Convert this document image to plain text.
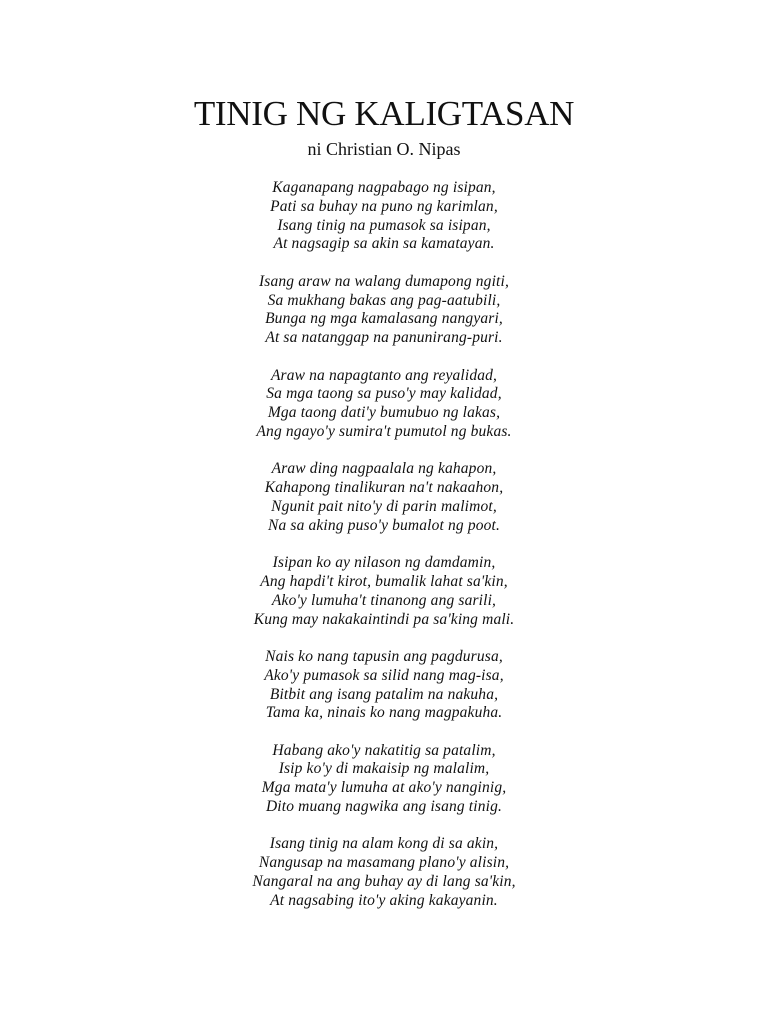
TINIG NG KALIGTASAN
ni Christian O. Nipas
Kaganapang nagpabago ng isipan,
Pati sa buhay na puno ng karimlan,
Isang tinig na pumasok sa isipan,
At nagsagip sa akin sa kamatayan.
Isang araw na walang dumapong ngiti,
Sa mukhang bakas ang pag-aatubili,
Bunga ng mga kamalasang nangyari,
At sa natanggap na panunirang-puri.
Araw na napagtanto ang reyalidad,
Sa mga taong sa puso'y may kalidad,
Mga taong dati'y bumubuo ng lakas,
Ang ngayo'y sumira't pumutol ng bukas.
Araw ding nagpaalala ng kahapon,
Kahapong tinalikuran na't nakaahon,
Ngunit pait nito'y di parin malimot,
Na sa aking puso'y bumalot ng poot.
Isipan ko ay nilason ng damdamin,
Ang hapdi't kirot, bumalik lahat sa'kin,
Ako'y lumuha't tinanong ang sarili,
Kung may nakakaintindi pa sa'king mali.
Nais ko nang tapusin ang pagdurusa,
Ako'y pumasok sa silid nang mag-isa,
Bitbit ang isang patalim na nakuha,
Tama ka, ninais ko nang magpakuha.
Habang ako'y nakatitig sa patalim,
Isip ko'y di makaisip ng malalim,
Mga mata'y lumuha at ako'y nanginig,
Dito muang nagwika ang isang tinig.
Isang tinig na alam kong di sa akin,
Nangusap na masamang plano'y alisin,
Nangaral na ang buhay ay di lang sa'kin,
At nagsabing ito'y aking kakayanin.
